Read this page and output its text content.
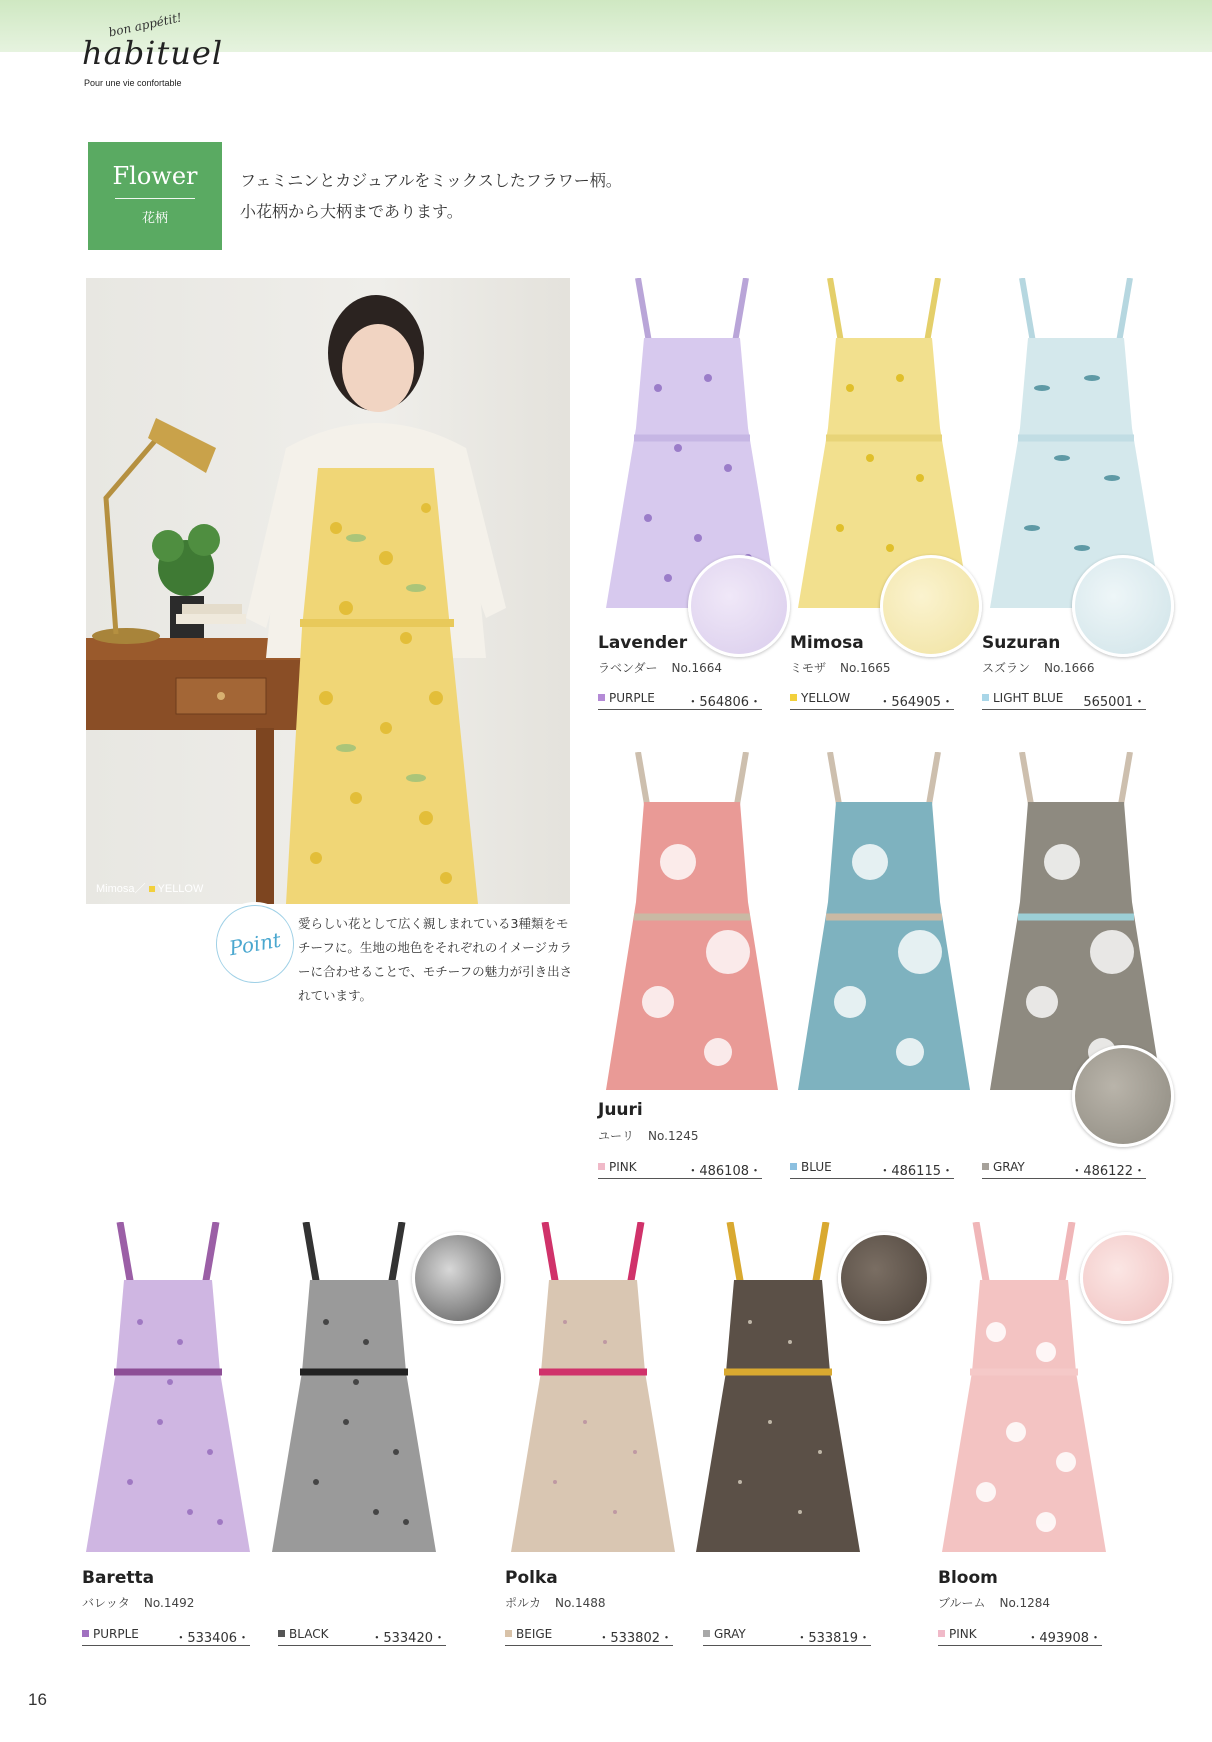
bon appétit!
habituel
Pour une vie confortable
Flower
花柄
フェミニンとカジュアルをミックスしたフラワー柄。
小花柄から大柄まであります。
Mimosa／ YELLOW
Point
愛らしい花として広く親しまれている3種類をモチーフに。生地の地色をそれぞれのイメージカラーに合わせることで、モチーフの魅力が引き出されています。
Lavender
ラベンダー No.1664
PURPLE ・564806・
Mimosa
ミモザ No.1665
YELLOW ・564905・
Suzuran
スズラン No.1666
LIGHT BLUE 565001・
Juuri
ユーリ No.1245
PINK	・486108・	BLUE	・486115・	GRAY	・486122・
Baretta
バレッタ No.1492
PURPLE	・533406・	BLACK	・533420・
Polka
ポルカ No.1488
BEIGE	・533802・	GRAY	・533819・
Bloom
ブルーム No.1284
PINK	・493908・
16
